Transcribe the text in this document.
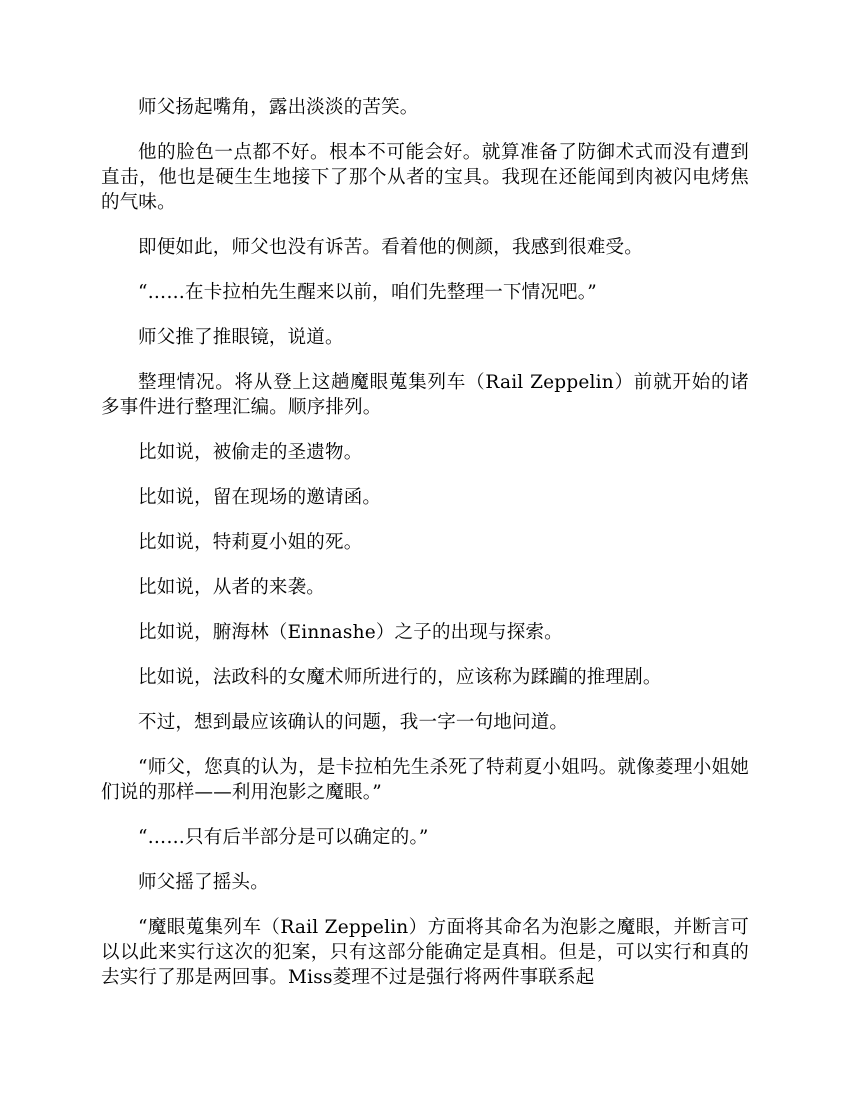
师父扬起嘴角，露出淡淡的苦笑。

他的脸色一点都不好。根本不可能会好。就算准备了防御术式而没有遭到直击，他也是硬生生地接下了那个从者的宝具。我现在还能闻到肉被闪电烤焦的气味。

即便如此，师父也没有诉苦。看着他的侧颜，我感到很难受。

“……在卡拉柏先生醒来以前，咱们先整理一下情况吧。”

师父推了推眼镜，说道。

整理情况。将从登上这趟魔眼蒐集列车（Rail Zeppelin）前就开始的诸多事件进行整理汇编。顺序排列。

比如说，被偷走的圣遗物。

比如说，留在现场的邀请函。

比如说，特莉夏小姐的死。

比如说，从者的来袭。

比如说，腑海林（Einnashe）之子的出现与探索。

比如说，法政科的女魔术师所进行的，应该称为蹂躏的推理剧。

不过，想到最应该确认的问题，我一字一句地问道。

“师父，您真的认为，是卡拉柏先生杀死了特莉夏小姐吗。就像菱理小姐她们说的那样——利用泡影之魔眼。”

“……只有后半部分是可以确定的。”

师父摇了摇头。

“魔眼蒐集列车（Rail Zeppelin）方面将其命名为泡影之魔眼，并断言可以以此来实行这次的犯案，只有这部分能确定是真相。但是，可以实行和真的去实行了那是两回事。Miss菱理不过是强行将两件事联系起
